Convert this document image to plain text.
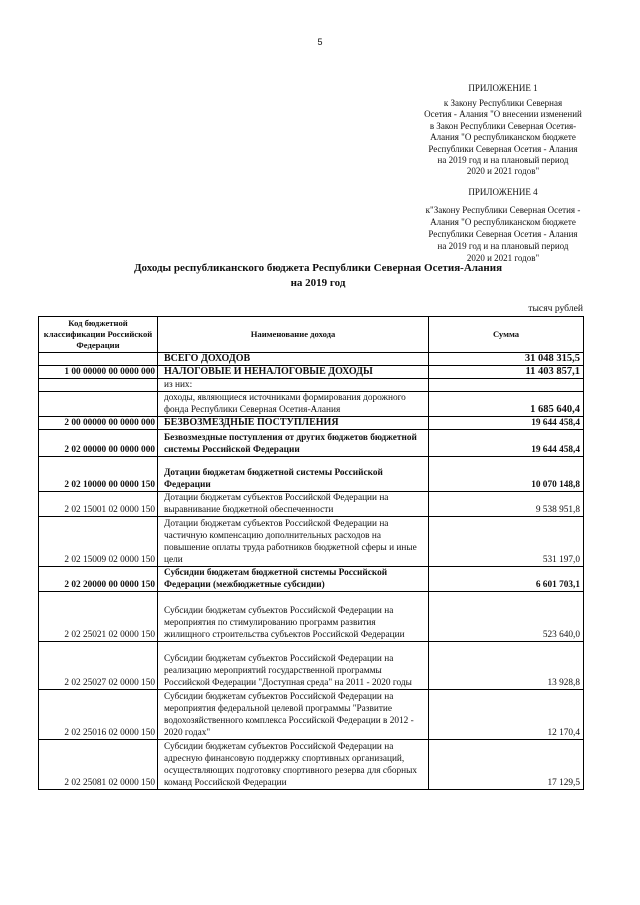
5
ПРИЛОЖЕНИЕ 1
к Закону Республики Северная
Осетия - Алания "О внесении изменений
в Закон Республики Северная Осетия-
Алания "О республиканском бюджете
Республики Северная Осетия - Алания
на 2019 год и на плановый период
2020 и 2021 годов"
ПРИЛОЖЕНИЕ 4
к"Закону Республики Северная Осетия -
Алания "О республиканском бюджете
Республики Северная Осетия - Алания
на 2019 год и на плановый период
2020 и 2021 годов"
Доходы республиканского бюджета Республики Северная Осетия-Алания
на 2019 год
тысяч рублей
Код бюджетной
классификации Российской
Федерации	Наименование дохода	Сумма
	ВСЕГО ДОХОДОВ	31 048 315,5
1 00 00000 00 0000 000	НАЛОГОВЫЕ И НЕНАЛОГОВЫЕ ДОХОДЫ	11 403 857,1
	из них:	
	доходы, являющиеся источниками формирования дорожного
фонда Республики Северная Осетия-Алания	1 685 640,4
2 00 00000 00 0000 000	БЕЗВОЗМЕЗДНЫЕ ПОСТУПЛЕНИЯ	19 644 458,4
2 02 00000 00 0000 000	Безвозмездные поступления от других бюджетов бюджетной
системы Российской Федерации	19 644 458,4
2 02 10000 00 0000 150	Дотации бюджетам бюджетной системы Российской
Федерации	10 070 148,8
2 02 15001 02 0000 150	Дотации бюджетам субъектов Российской Федерации на
выравнивание бюджетной обеспеченности	9 538 951,8
2 02 15009 02 0000 150	Дотации бюджетам субъектов Российской Федерации на
частичную компенсацию дополнительных расходов на
повышение оплаты труда работников бюджетной сферы и иные
цели	531 197,0
2 02 20000 00 0000 150	Субсидии бюджетам бюджетной системы Российской
Федерации (межбюджетные субсидии)	6 601 703,1
2 02 25021 02 0000 150	Субсидии бюджетам субъектов Российской Федерации на
мероприятия по стимулированию программ развития
жилищного строительства субъектов Российской Федерации	523 640,0
2 02 25027 02 0000 150	Субсидии бюджетам субъектов Российской Федерации на
реализацию мероприятий государственной программы
Российской Федерации "Доступная среда" на 2011 - 2020 годы	13 928,8
2 02 25016 02 0000 150	Субсидии бюджетам субъектов Российской Федерации на
мероприятия федеральной целевой программы "Развитие
водохозяйственного комплекса Российской Федерации в 2012 -
2020 годах"	12 170,4
2 02 25081 02 0000 150	Субсидии бюджетам субъектов Российской Федерации на
адресную финансовую поддержку спортивных организаций,
осуществляющих подготовку спортивного резерва для сборных
команд Российской Федерации	17 129,5
